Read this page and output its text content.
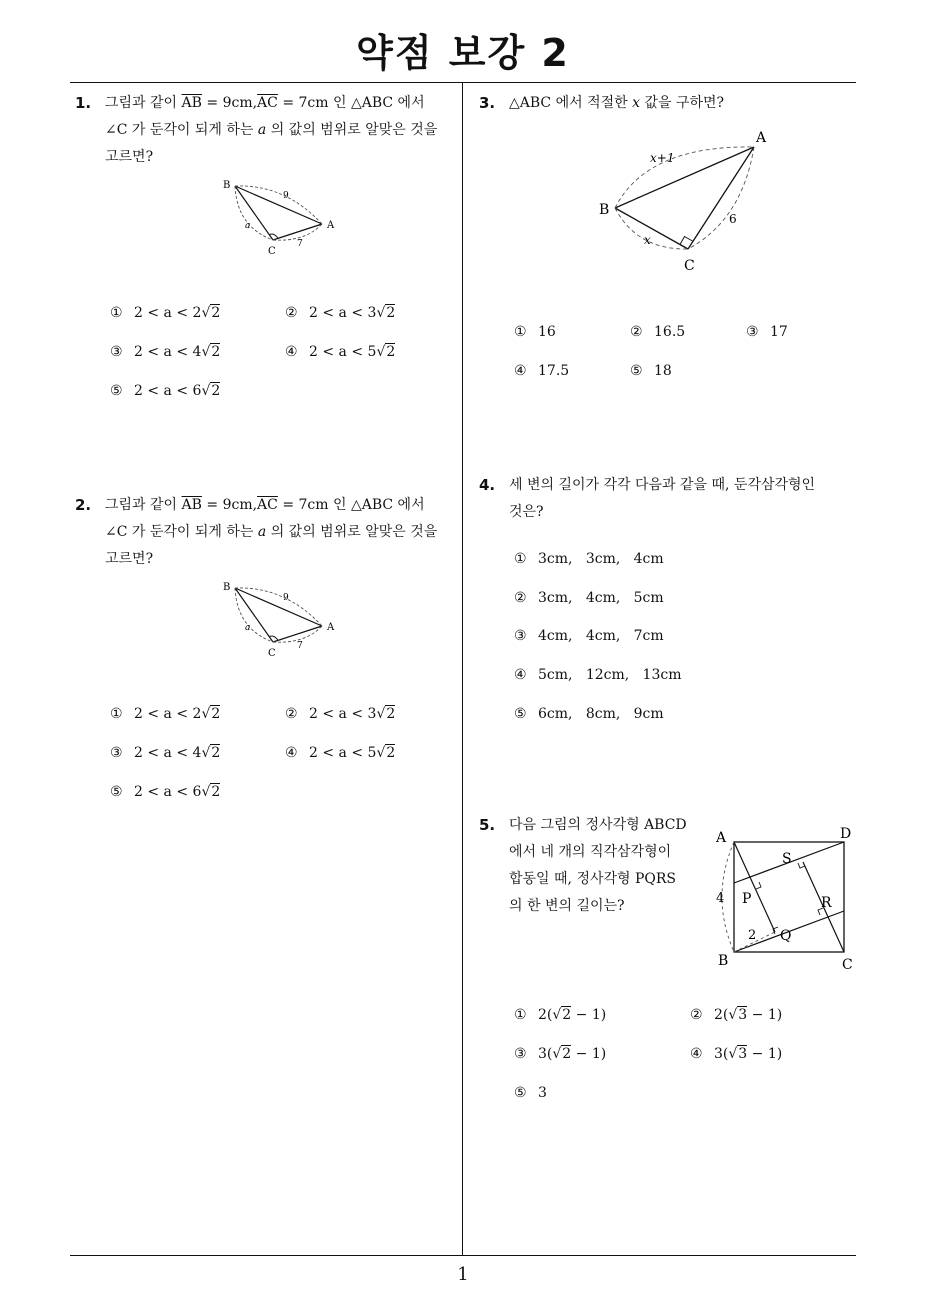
약점 보강 2
1
1. 그림과 같이 $\overline{AB} = 9cm,\overline{AC} = 7cm$ 인 △ABC 에서
∠C 가 둔각이 되게 하는 a 의 값의 범위로 알맞은 것을
고르면?
B
A
C
9
a
7
① 2 < a < 2√2	② 2 < a < 3√2
③ 2 < a < 4√2	④ 2 < a < 5√2
⑤ 2 < a < 6√2
2. 그림과 같이 $\overline{AB} = 9cm,\overline{AC} = 7cm$ 인 △ABC 에서
∠C 가 둔각이 되게 하는 a 의 값의 범위로 알맞은 것을
고르면?
B
A
C
9
a
7
① 2 < a < 2√2	② 2 < a < 3√2
③ 2 < a < 4√2	④ 2 < a < 5√2
⑤ 2 < a < 6√2
3. △ABC 에서 적절한 x 값을 구하면?
A
B
C
x+1
x
6
① 16	② 16.5	③ 17
④ 17.5	⑤ 18
4. 세 변의 길이가 각각 다음과 같을 때, 둔각삼각형인
것은?
① 3cm,   3cm,   4cm
② 3cm,   4cm,   5cm
③ 4cm,   4cm,   7cm
④ 5cm,   12cm,   13cm
⑤ 6cm,   8cm,   9cm
5. 다음 그림의 정사각형 ABCD
에서 네 개의 직각삼각형이
합동일 때, 정사각형 PQRS
의 한 변의 길이는?
A	D
B	C
P
Q
R
S
4
2
① 2(√2 − 1)	② 2(√3 − 1)
③ 3(√2 − 1)	④ 3(√3 − 1)
⑤ 3
